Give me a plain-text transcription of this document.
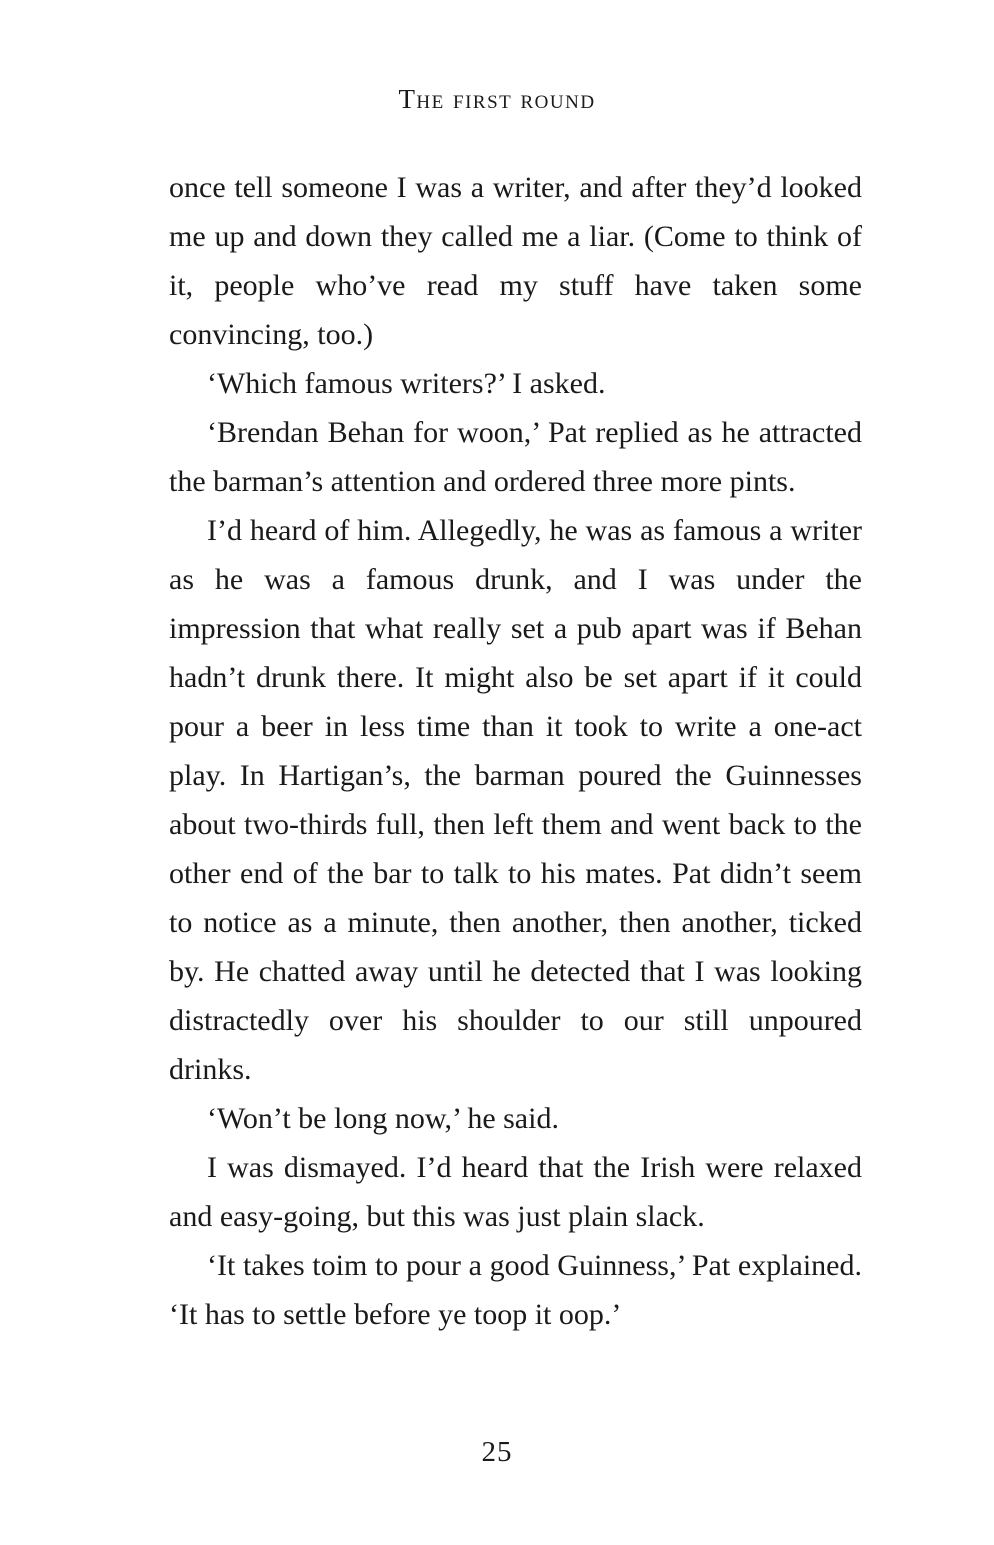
The first round

once tell someone I was a writer, and after they’d looked me up and down they called me a liar. (Come to think of it, people who’ve read my stuff have taken some convincing, too.)

‘Which famous writers?’ I asked.

‘Brendan Behan for woon,’ Pat replied as he attracted the barman’s attention and ordered three more pints.

I’d heard of him. Allegedly, he was as famous a writer as he was a famous drunk, and I was under the impression that what really set a pub apart was if Behan hadn’t drunk there. It might also be set apart if it could pour a beer in less time than it took to write a one-act play. In Hartigan’s, the barman poured the Guinnesses about two-thirds full, then left them and went back to the other end of the bar to talk to his mates. Pat didn’t seem to notice as a minute, then another, then another, ticked by. He chatted away until he detected that I was looking distractedly over his shoulder to our still unpoured drinks.

‘Won’t be long now,’ he said.

I was dismayed. I’d heard that the Irish were relaxed and easy-going, but this was just plain slack.

‘It takes toim to pour a good Guinness,’ Pat explained. ‘It has to settle before ye toop it oop.’

25
